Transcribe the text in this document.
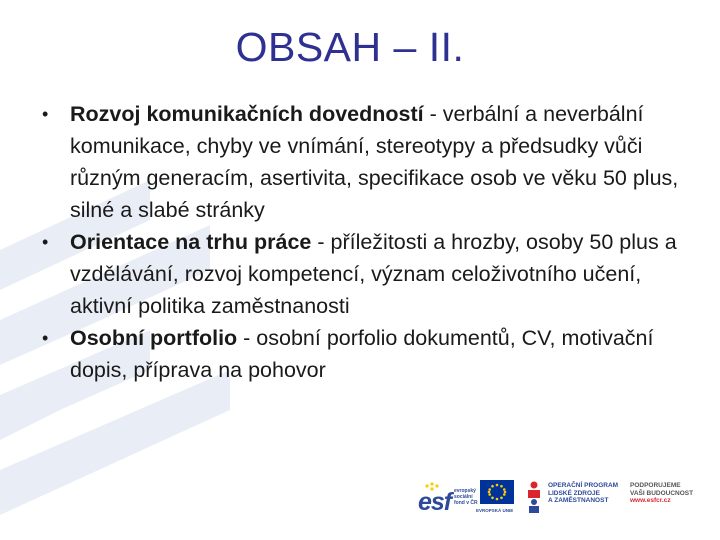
OBSAH – II.
• Rozvoj komunikačních dovedností - verbální a neverbální komunikace, chyby ve vnímání, stereotypy a předsudky vůči různým generacím, asertivita, specifikace osob ve věku 50 plus, silné a slabé stránky
• Orientace na trhu práce - příležitosti a hrozby, osoby 50 plus a vzdělávání, rozvoj kompetencí, význam celoživotního učení, aktivní politika zaměstnanosti
• Osobní portfolio - osobní porfolio dokumentů, CV, motivační dopis, příprava na pohovor
esf evropský
sociální
fond v ČR
EVROPSKÁ UNIE
OPERAČNÍ PROGRAM
LIDSKÉ ZDROJE
A ZAMĚSTNANOST
PODPORUJEME
VAŠI BUDOUCNOST
www.esfcr.cz
